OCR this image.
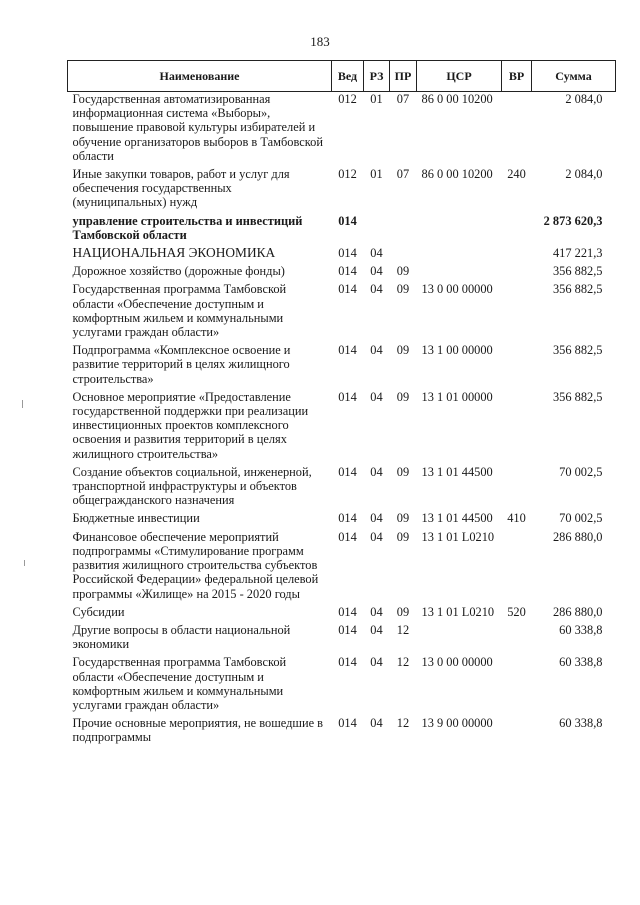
183
Наименование	Вед	РЗ	ПР	ЦСР	ВР	Сумма
Государственная автоматизированная информационная система «Выборы», повышение правовой культуры избирателей и обучение организаторов выборов в Тамбовской области	012	01	07	86 0 00 10200		2 084,0
Иные закупки товаров, работ и услуг для обеспечения государственных (муниципальных) нужд	012	01	07	86 0 00 10200	240	2 084,0
управление строительства и инвестиций Тамбовской области	014					2 873 620,3
НАЦИОНАЛЬНАЯ ЭКОНОМИКА	014	04				417 221,3
Дорожное хозяйство (дорожные фонды)	014	04	09			356 882,5
Государственная программа Тамбовской области «Обеспечение доступным и комфортным жильем и коммунальными услугами граждан области»	014	04	09	13 0 00 00000		356 882,5
Подпрограмма «Комплексное освоение и развитие территорий в целях жилищного строительства»	014	04	09	13 1 00 00000		356 882,5
Основное мероприятие «Предоставление государственной поддержки при реализации инвестиционных проектов комплексного освоения и развития территорий в целях жилищного строительства»	014	04	09	13 1 01 00000		356 882,5
Создание объектов социальной, инженерной, транспортной инфраструктуры и объектов общегражданского назначения	014	04	09	13 1 01 44500		70 002,5
Бюджетные инвестиции	014	04	09	13 1 01 44500	410	70 002,5
Финансовое обеспечение мероприятий подпрограммы «Стимулирование программ развития жилищного строительства субъектов Российской Федерации» федеральной целевой программы «Жилище» на 2015 - 2020 годы	014	04	09	13 1 01 L0210		286 880,0
Субсидии	014	04	09	13 1 01 L0210	520	286 880,0
Другие вопросы в области национальной экономики	014	04	12			60 338,8
Государственная программа Тамбовской области «Обеспечение доступным и комфортным жильем и коммунальными услугами граждан области»	014	04	12	13 0 00 00000		60 338,8
Прочие основные мероприятия, не вошедшие в подпрограммы	014	04	12	13 9 00 00000		60 338,8
